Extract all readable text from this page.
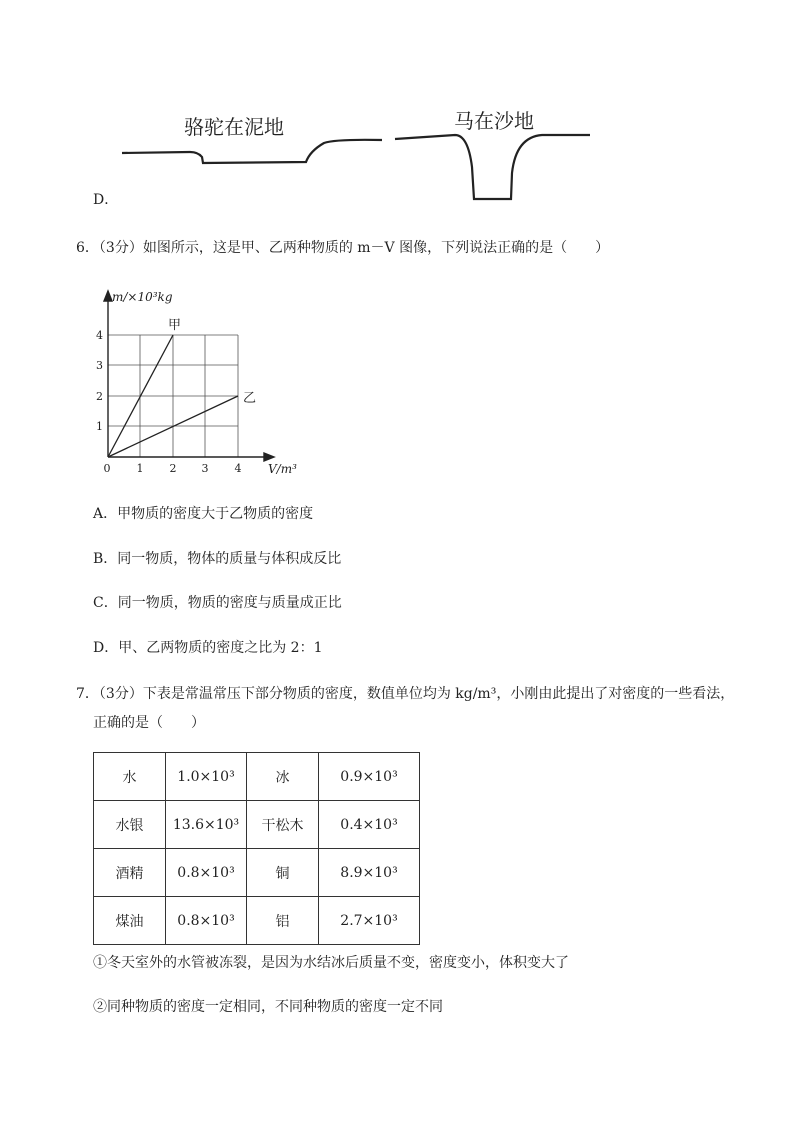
骆驼在泥地	马在沙地
D．
6．（3分）如图所示，这是甲、乙两种物质的 m－V 图像，下列说法正确的是（　　）
m/×10³kg
V/m³
4
3
2
1
0 1 2 3 4
甲
乙
A．甲物质的密度大于乙物质的密度
B．同一物质，物体的质量与体积成反比
C．同一物质，物质的密度与质量成正比
D．甲、乙两物质的密度之比为 2：1
7．（3分）下表是常温常压下部分物质的密度，数值单位均为 kg/m³，小刚由此提出了对密度的一些看法，
正确的是（　　）
水	1.0×10³	冰	0.9×10³
水银	13.6×10³	干松木	0.4×10³
酒精	0.8×10³	铜	8.9×10³
煤油	0.8×10³	铝	2.7×10³
①冬天室外的水管被冻裂，是因为水结冰后质量不变，密度变小，体积变大了
②同种物质的密度一定相同，不同种物质的密度一定不同
